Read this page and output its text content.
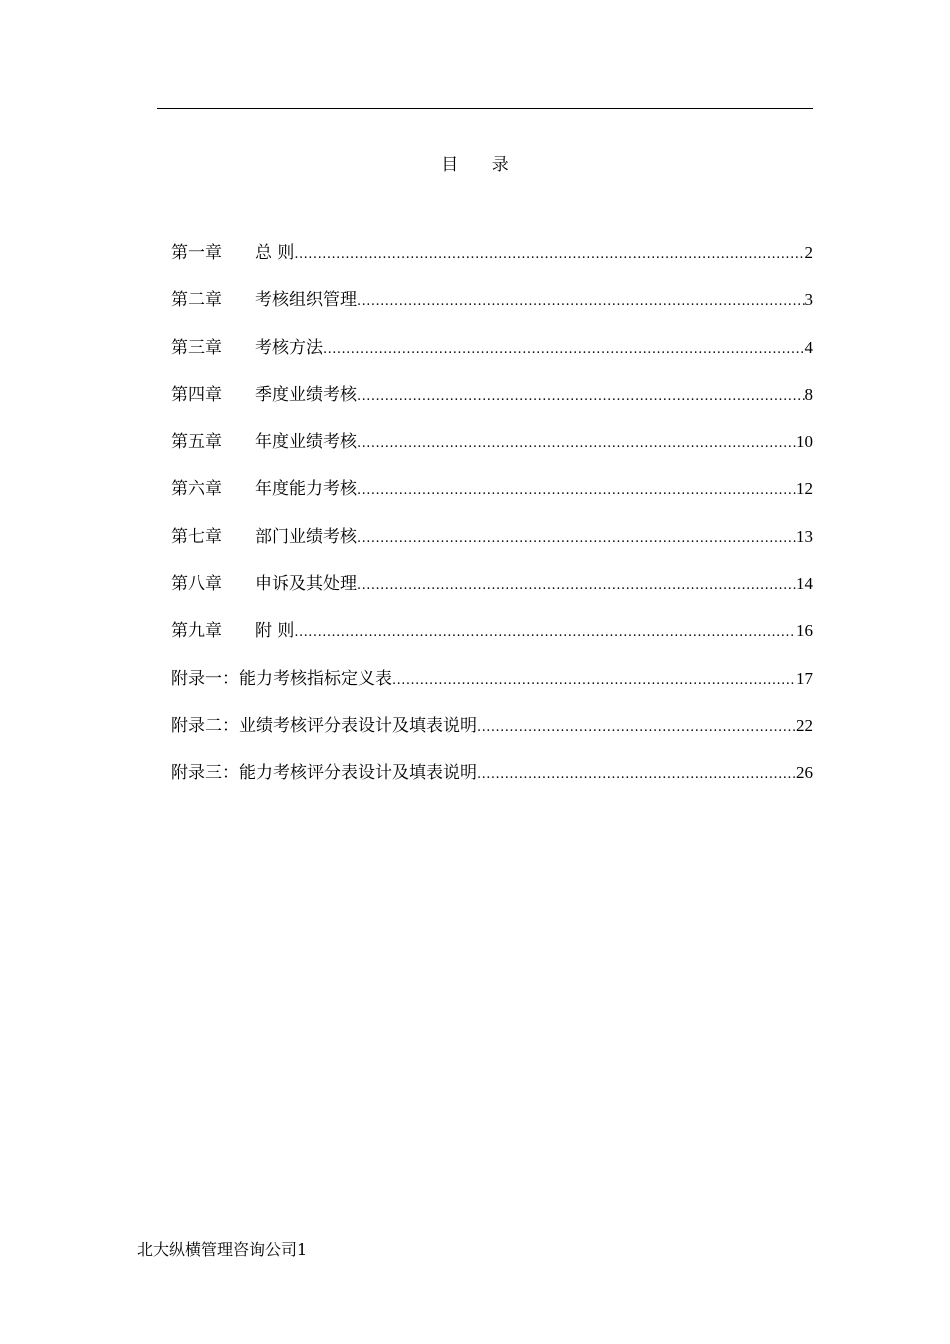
目 录
第一章	总 则 .....	2
第二章	考核组织管理 .....	3
第三章	考核方法 .....	4
第四章	季度业绩考核 .....	8
第五章	年度业绩考核 .....	10
第六章	年度能力考核 .....	12
第七章	部门业绩考核 .....	13
第八章	申诉及其处理 .....	14
第九章	附 则 .....	16
附录一：能力考核指标定义表 .....	17
附录二：业绩考核评分表设计及填表说明 .....	22
附录三：能力考核评分表设计及填表说明 .....	26
北大纵横管理咨询公司1
